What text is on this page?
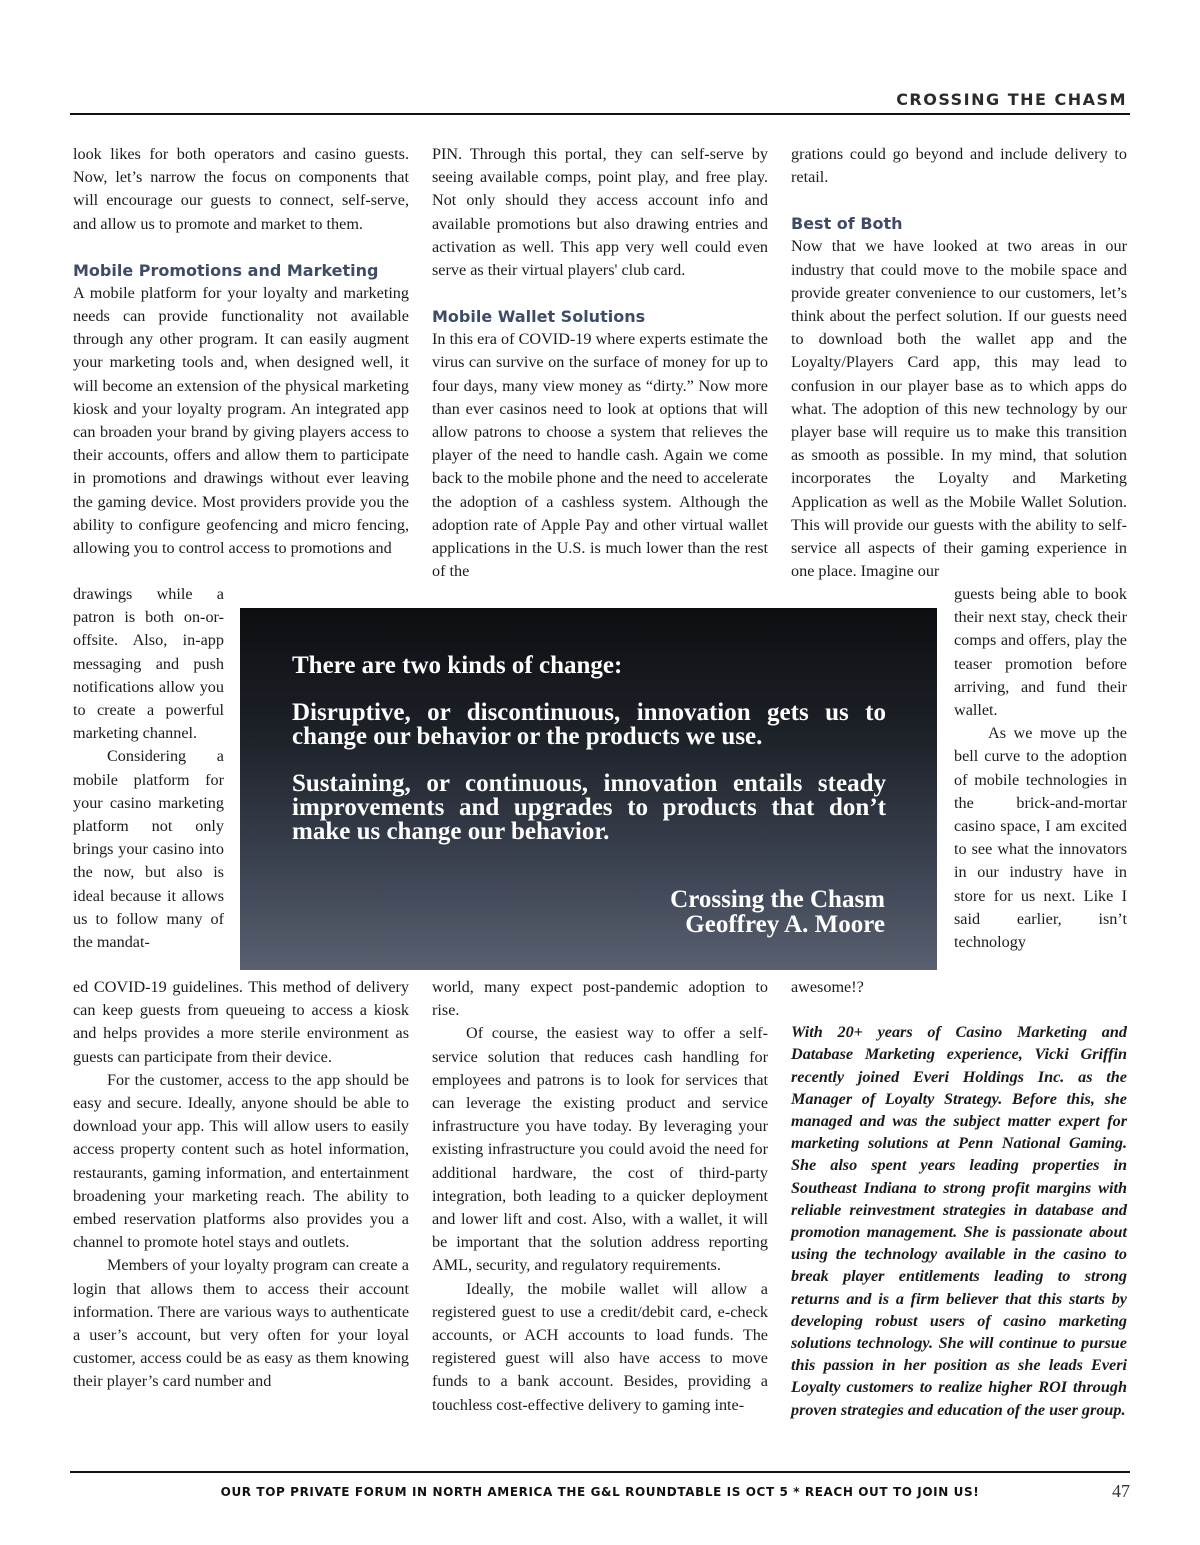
CROSSING THE CHASM

look likes for both operators and casino guests. Now, let’s narrow the focus on components that will encourage our guests to connect, self-serve, and allow us to promote and market to them.

Mobile Promotions and Marketing

A mobile platform for your loyalty and marketing needs can provide functionality not available through any other program. It can easily augment your marketing tools and, when designed well, it will become an extension of the physical marketing kiosk and your loyalty program. An integrated app can broaden your brand by giving players access to their accounts, offers and allow them to participate in promotions and drawings without ever leaving the gaming device. Most providers provide you the ability to configure geofencing and micro fencing, allowing you to control access to promotions and

drawings while a patron is both on-or-offsite. Also, in-app messaging and push notifications allow you to create a powerful marketing channel.

Considering a mobile platform for your casino marketing platform not only brings your casino into the now, but also is ideal because it allows us to follow many of the mandat-

ed COVID-19 guidelines. This method of delivery can keep guests from queueing to access a kiosk and helps provides a more sterile environment as guests can participate from their device.

For the customer, access to the app should be easy and secure. Ideally, anyone should be able to download your app. This will allow users to easily access property content such as hotel information, restaurants, gaming information, and entertainment broadening your marketing reach. The ability to embed reservation platforms also provides you a channel to promote hotel stays and outlets.

Members of your loyalty program can create a login that allows them to access their account information. There are various ways to authenticate a user’s account, but very often for your loyal customer, access could be as easy as them knowing their player’s card number and

PIN. Through this portal, they can self-serve by seeing available comps, point play, and free play. Not only should they access account info and available promotions but also drawing entries and activation as well. This app very well could even serve as their virtual players' club card.

Mobile Wallet Solutions

In this era of COVID-19 where experts estimate the virus can survive on the surface of money for up to four days, many view money as “dirty.” Now more than ever casinos need to look at options that will allow patrons to choose a system that relieves the player of the need to handle cash. Again we come back to the mobile phone and the need to accelerate the adoption of a cashless system. Although the adoption rate of Apple Pay and other virtual wallet applications in the U.S. is much lower than the rest of the

world, many expect post-pandemic adoption to rise.

Of course, the easiest way to offer a self-service solution that reduces cash handling for employees and patrons is to look for services that can leverage the existing product and service infrastructure you have today. By leveraging your existing infrastructure you could avoid the need for additional hardware, the cost of third-party integration, both leading to a quicker deployment and lower lift and cost. Also, with a wallet, it will be important that the solution address reporting AML, security, and regulatory requirements.

Ideally, the mobile wallet will allow a registered guest to use a credit/debit card, e-check accounts, or ACH accounts to load funds. The registered guest will also have access to move funds to a bank account. Besides, providing a touchless cost-effective delivery to gaming inte-

grations could go beyond and include delivery to retail.

Best of Both

Now that we have looked at two areas in our industry that could move to the mobile space and provide greater convenience to our customers, let’s think about the perfect solution. If our guests need to download both the wallet app and the Loyalty/Players Card app, this may lead to confusion in our player base as to which apps do what. The adoption of this new technology by our player base will require us to make this transition as smooth as possible. In my mind, that solution incorporates the Loyalty and Marketing Application as well as the Mobile Wallet Solution. This will provide our guests with the ability to self-service all aspects of their gaming experience in one place. Imagine our

guests being able to book their next stay, check their comps and offers, play the teaser promotion before arriving, and fund their wallet.

As we move up the bell curve to the adoption of mobile technologies in the brick-and-mortar casino space, I am excited to see what the innovators in our industry have in store for us next. Like I said earlier, isn’t technology

awesome!?

With 20+ years of Casino Marketing and Database Marketing experience, Vicki Griffin recently joined Everi Holdings Inc. as the Manager of Loyalty Strategy. Before this, she managed and was the subject matter expert for marketing solutions at Penn National Gaming. She also spent years leading properties in Southeast Indiana to strong profit margins with reliable reinvestment strategies in database and promotion management. She is passionate about using the technology available in the casino to break player entitlements leading to strong returns and is a firm believer that this starts by developing robust users of casino marketing solutions technology. She will continue to pursue this passion in her position as she leads Everi Loyalty customers to realize higher ROI through proven strategies and education of the user group.

There are two kinds of change:

Disruptive, or discontinuous, innovation gets us to change our behavior or the products we use.

Sustaining, or continuous, innovation entails steady improvements and upgrades to products that don’t make us change our behavior.

Crossing the Chasm
Geoffrey A. Moore
OUR TOP PRIVATE FORUM IN NORTH AMERICA THE G&L ROUNDTABLE IS OCT 5 * REACH OUT TO JOIN US!	47
